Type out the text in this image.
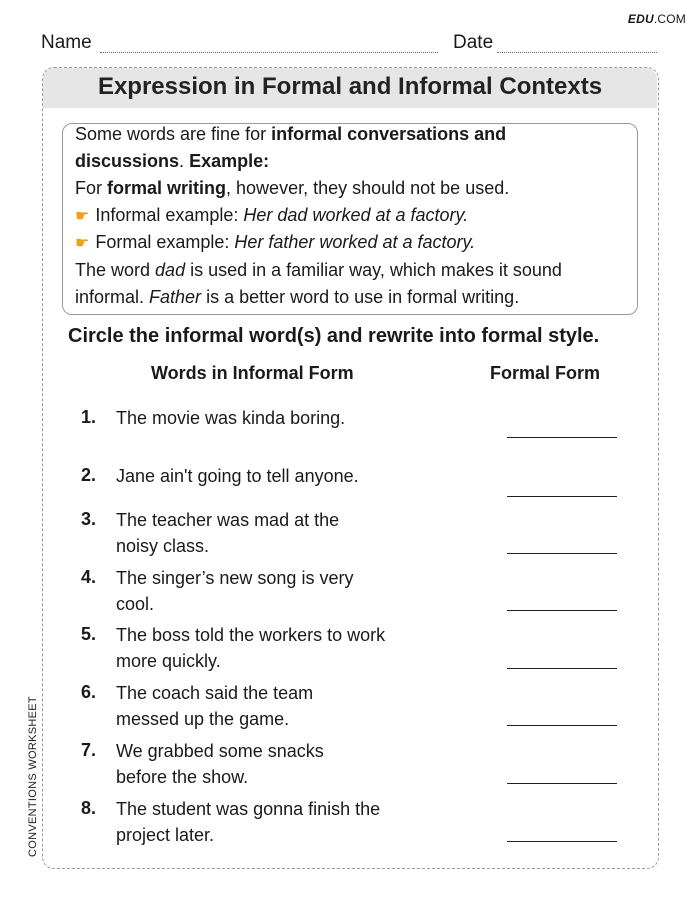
EDU.COM
Name	Date
Expression in Formal and Informal Contexts
Some words are fine for informal conversations and
discussions. Example:
For formal writing, however, they should not be used.
☛ Informal example: Her dad worked at a factory.
☛ Formal example: Her father worked at a factory.
The word dad is used in a familiar way, which makes it sound
informal. Father is a better word to use in formal writing.
Circle the informal word(s) and rewrite into formal style.
Words in Informal Form	Formal Form
1. The movie was kinda boring.
2. Jane ain't going to tell anyone.
3. The teacher was mad at the noisy class.
4. The singer’s new song is very cool.
5. The boss told the workers to work more quickly.
6. The coach said the team messed up the game.
7. We grabbed some snacks before the show.
8. The student was gonna finish the project later.
CONVENTIONS WORKSHEET
